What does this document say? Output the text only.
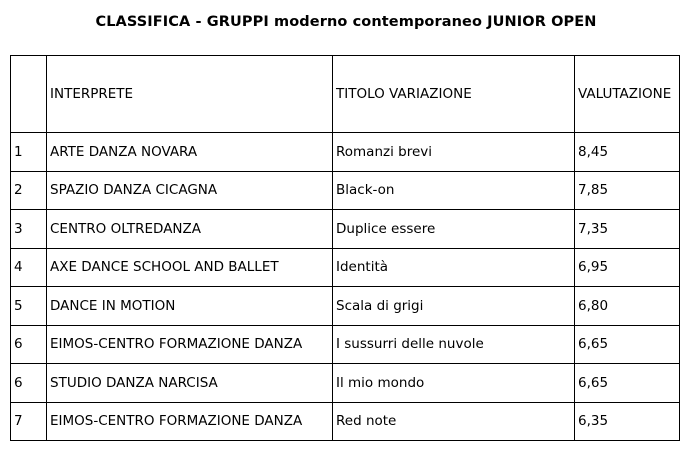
CLASSIFICA - GRUPPI moderno contemporaneo JUNIOR OPEN
	INTERPRETE	TITOLO VARIAZIONE	VALUTAZIONE
1	ARTE DANZA NOVARA	Romanzi brevi	8,45
2	SPAZIO DANZA CICAGNA	Black-on	7,85
3	CENTRO OLTREDANZA	Duplice essere	7,35
4	AXE DANCE SCHOOL AND BALLET	Identità	6,95
5	DANCE IN MOTION	Scala di grigi	6,80
6	EIMOS-CENTRO FORMAZIONE DANZA	I sussurri delle nuvole	6,65
6	STUDIO DANZA NARCISA	Il mio mondo	6,65
7	EIMOS-CENTRO FORMAZIONE DANZA	Red note	6,35
